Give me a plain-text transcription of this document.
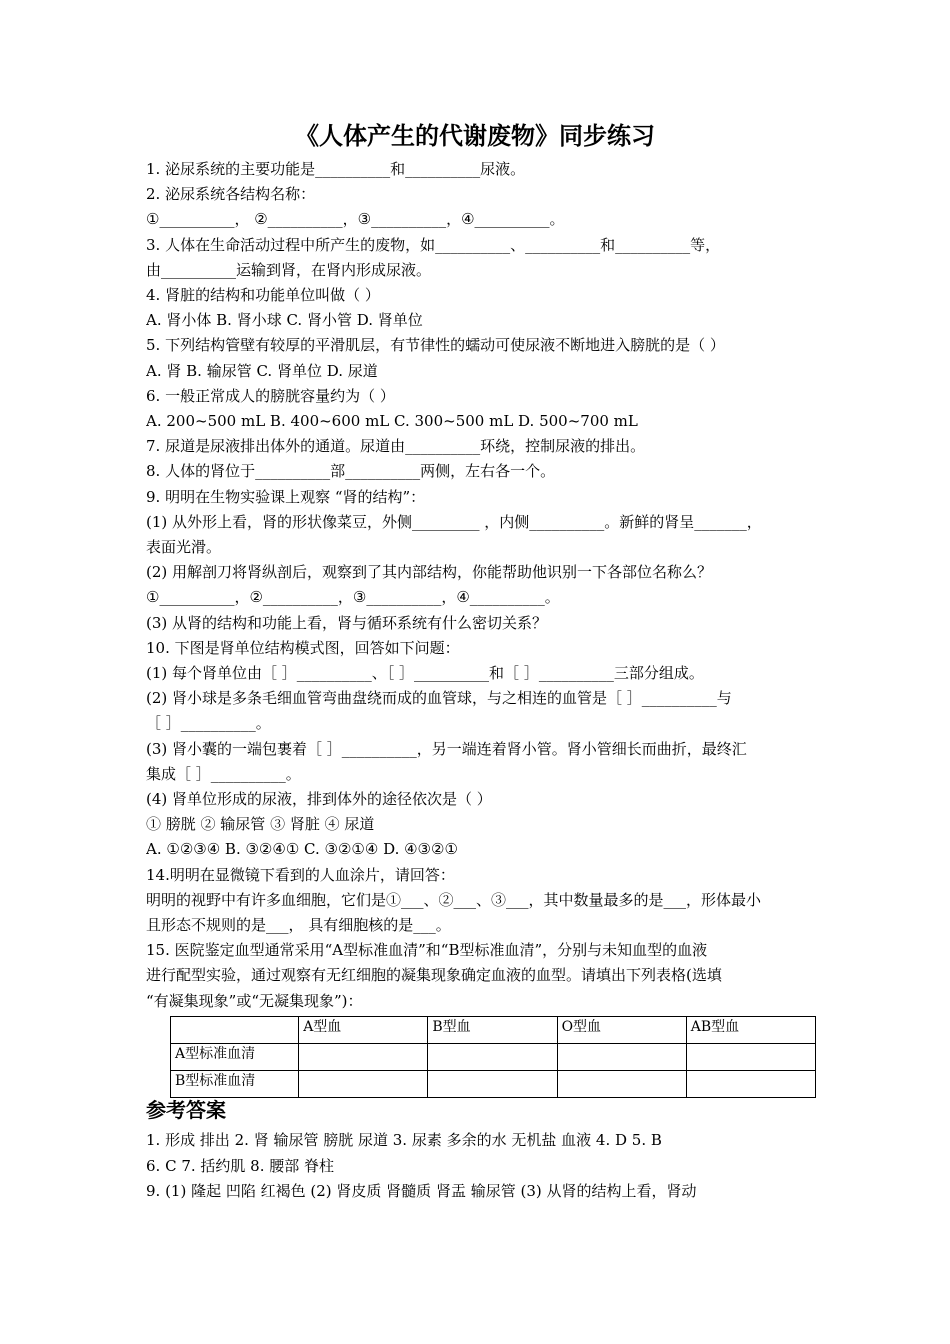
《人体产生的代谢废物》同步练习
1. 泌尿系统的主要功能是__________和__________尿液。
2. 泌尿系统各结构名称：
①__________， ②__________，③__________，④__________。
3. 人体在生命活动过程中所产生的废物，如__________、__________和__________等，
由__________运输到肾，在肾内形成尿液。
4. 肾脏的结构和功能单位叫做（ ）
A. 肾小体 B. 肾小球 C. 肾小管 D. 肾单位
5. 下列结构管壁有较厚的平滑肌层，有节律性的蠕动可使尿液不断地进入膀胱的是（ ）
A. 肾 B. 输尿管 C. 肾单位 D. 尿道
6. 一般正常成人的膀胱容量约为（ ）
A. 200~500 mL B. 400~600 mL C. 300~500 mL D. 500~700 mL
7. 尿道是尿液排出体外的通道。尿道由__________环绕，控制尿液的排出。
8. 人体的肾位于__________部__________两侧，左右各一个。
9. 明明在生物实验课上观察 “肾的结构”：
(1) 从外形上看，肾的形状像菜豆，外侧_________ ，内侧__________。新鲜的肾呈_______，
表面光滑。
(2) 用解剖刀将肾纵剖后，观察到了其内部结构，你能帮助他识别一下各部位名称么？
①__________，②__________，③__________，④__________。
(3) 从肾的结构和功能上看，肾与循环系统有什么密切关系？
10. 下图是肾单位结构模式图，回答如下问题：
(1) 每个肾单位由［ ］__________、［ ］__________和［ ］__________三部分组成。
(2) 肾小球是多条毛细血管弯曲盘绕而成的血管球，与之相连的血管是［ ］__________与
［ ］__________。
(3) 肾小囊的一端包裹着［ ］__________，另一端连着肾小管。肾小管细长而曲折，最终汇
集成［ ］__________。
(4) 肾单位形成的尿液，排到体外的途径依次是（ ）
① 膀胱 ② 输尿管 ③ 肾脏 ④ 尿道
A. ①②③④ B. ③②④① C. ③②①④ D. ④③②①
14.明明在显微镜下看到的人血涂片，请回答：
明明的视野中有许多血细胞，它们是①___、②___、③___，其中数量最多的是___，形体最小
且形态不规则的是___， 具有细胞核的是___。
15. 医院鉴定血型通常采用“A型标准血清”和“B型标准血清”，分别与未知血型的血液
进行配型实验，通过观察有无红细胞的凝集现象确定血液的血型。请填出下列表格(选填
“有凝集现象”或“无凝集现象”)：
	A型血	B型血	O型血	AB型血
A型标准血清				
B型标准血清				
参考答案
1. 形成 排出 2. 肾 输尿管 膀胱 尿道 3. 尿素 多余的水 无机盐 血液 4. D 5. B
6. C 7. 括约肌 8. 腰部 脊柱
9. (1) 隆起 凹陷 红褐色 (2) 肾皮质 肾髓质 肾盂 输尿管 (3) 从肾的结构上看，肾动
